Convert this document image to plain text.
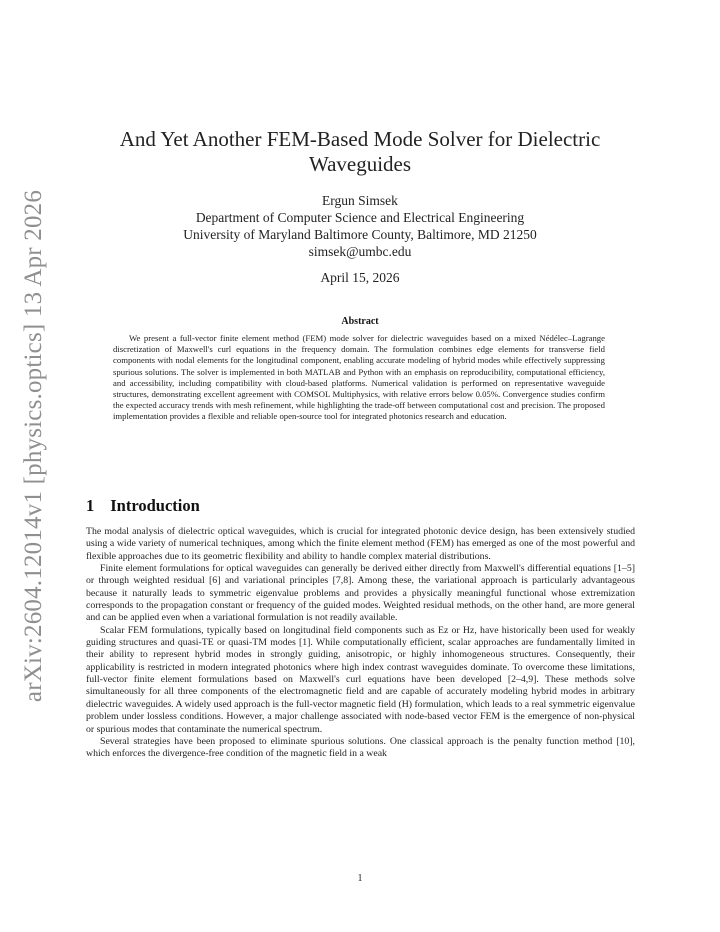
arXiv:2604.12014v1 [physics.optics] 13 Apr 2026
And Yet Another FEM-Based Mode Solver for Dielectric Waveguides
Ergun Simsek
Department of Computer Science and Electrical Engineering
University of Maryland Baltimore County, Baltimore, MD 21250
simsek@umbc.edu
April 15, 2026
Abstract
We present a full-vector finite element method (FEM) mode solver for dielectric waveguides based on a mixed Nédélec–Lagrange discretization of Maxwell's curl equations in the frequency domain. The formulation combines edge elements for transverse field components with nodal elements for the longitudinal component, enabling accurate modeling of hybrid modes while effectively suppressing spurious solutions. The solver is implemented in both MATLAB and Python with an emphasis on reproducibility, computational efficiency, and accessibility, including compatibility with cloud-based platforms. Numerical validation is performed on representative waveguide structures, demonstrating excellent agreement with COMSOL Multiphysics, with relative errors below 0.05%. Convergence studies confirm the expected accuracy trends with mesh refinement, while highlighting the trade-off between computational cost and precision. The proposed implementation provides a flexible and reliable open-source tool for integrated photonics research and education.
1 Introduction

The modal analysis of dielectric optical waveguides, which is crucial for integrated photonic device design, has been extensively studied using a wide variety of numerical techniques, among which the finite element method (FEM) has emerged as one of the most powerful and flexible approaches due to its geometric flexibility and ability to handle complex material distributions.

Finite element formulations for optical waveguides can generally be derived either directly from Maxwell's differential equations [1–5] or through weighted residual [6] and variational principles [7,8]. Among these, the variational approach is particularly advantageous because it naturally leads to symmetric eigenvalue problems and provides a physically meaningful functional whose extremization corresponds to the propagation constant or frequency of the guided modes. Weighted residual methods, on the other hand, are more general and can be applied even when a variational formulation is not readily available.

Scalar FEM formulations, typically based on longitudinal field components such as Ez or Hz, have historically been used for weakly guiding structures and quasi-TE or quasi-TM modes [1]. While computationally efficient, scalar approaches are fundamentally limited in their ability to represent hybrid modes in strongly guiding, anisotropic, or highly inhomogeneous structures. Consequently, their applicability is restricted in modern integrated photonics where high index contrast waveguides dominate. To overcome these limitations, full-vector finite element formulations based on Maxwell's curl equations have been developed [2–4,9]. These methods solve simultaneously for all three components of the electromagnetic field and are capable of accurately modeling hybrid modes in arbitrary dielectric waveguides. A widely used approach is the full-vector magnetic field (H) formulation, which leads to a real symmetric eigenvalue problem under lossless conditions. However, a major challenge associated with node-based vector FEM is the emergence of non-physical or spurious modes that contaminate the numerical spectrum.

Several strategies have been proposed to eliminate spurious solutions. One classical approach is the penalty function method [10], which enforces the divergence-free condition of the magnetic field in a weak

1
